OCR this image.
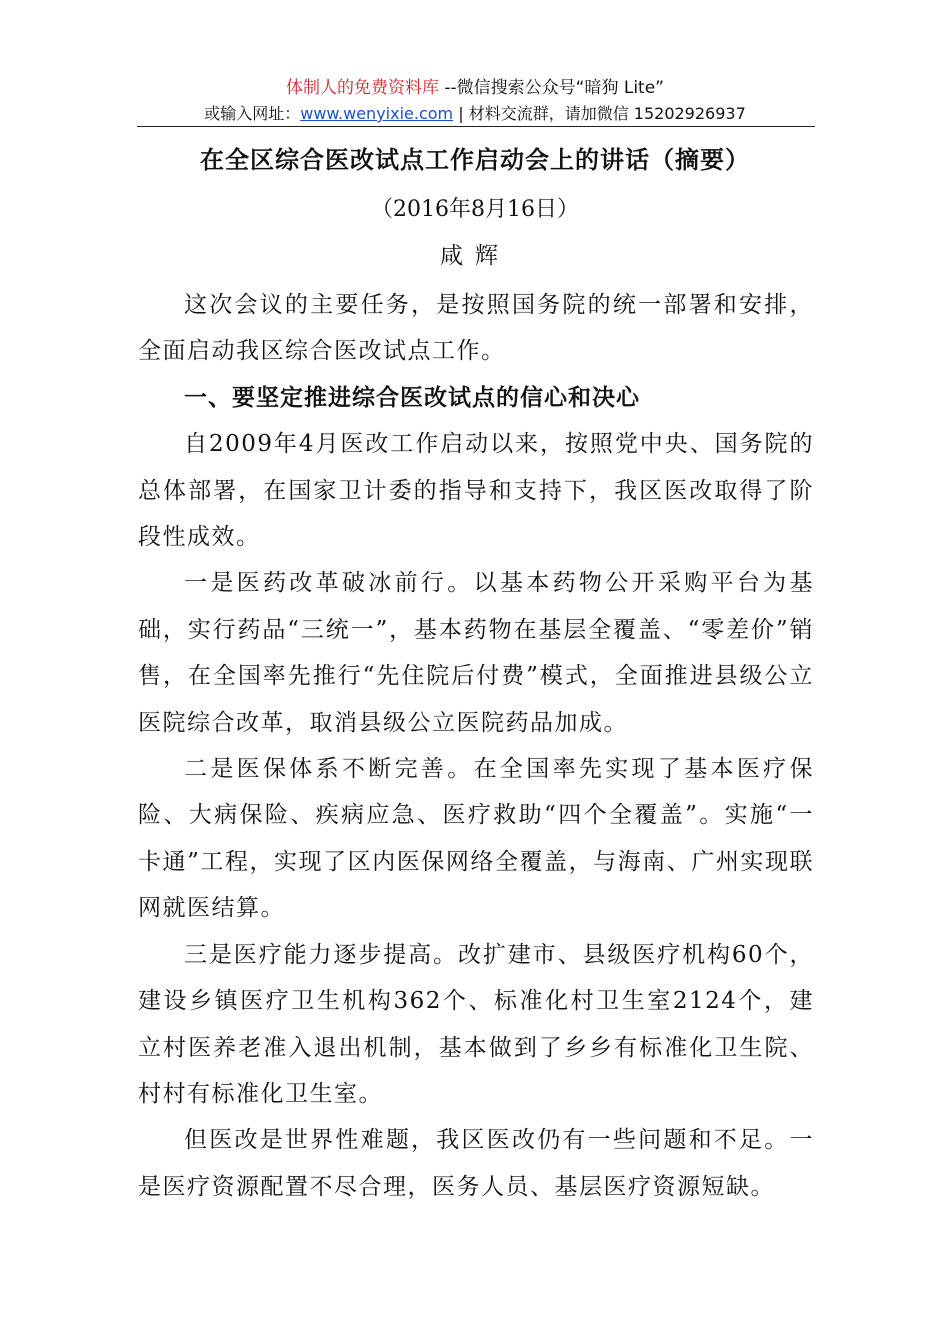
体制人的免费资料库 --微信搜索公众号“暗狗 Lite”
或输入网址：www.wenyixie.com | 材料交流群，请加微信 15202926937
在全区综合医改试点工作启动会上的讲话（摘要）
（2016年8月16日）
咸辉

这次会议的主要任务，是按照国务院的统一部署和安排，全面启动我区综合医改试点工作。

一、要坚定推进综合医改试点的信心和决心

自2009年4月医改工作启动以来，按照党中央、国务院的总体部署，在国家卫计委的指导和支持下，我区医改取得了阶段性成效。

一是医药改革破冰前行。以基本药物公开采购平台为基础，实行药品“三统一”，基本药物在基层全覆盖、“零差价”销售，在全国率先推行“先住院后付费”模式，全面推进县级公立医院综合改革，取消县级公立医院药品加成。

二是医保体系不断完善。在全国率先实现了基本医疗保险、大病保险、疾病应急、医疗救助“四个全覆盖”。实施“一卡通”工程，实现了区内医保网络全覆盖，与海南、广州实现联网就医结算。

三是医疗能力逐步提高。改扩建市、县级医疗机构60个，建设乡镇医疗卫生机构362个、标准化村卫生室2124个，建立村医养老准入退出机制，基本做到了乡乡有标准化卫生院、村村有标准化卫生室。

但医改是世界性难题，我区医改仍有一些问题和不足。一是医疗资源配置不尽合理，医务人员、基层医疗资源短缺。
